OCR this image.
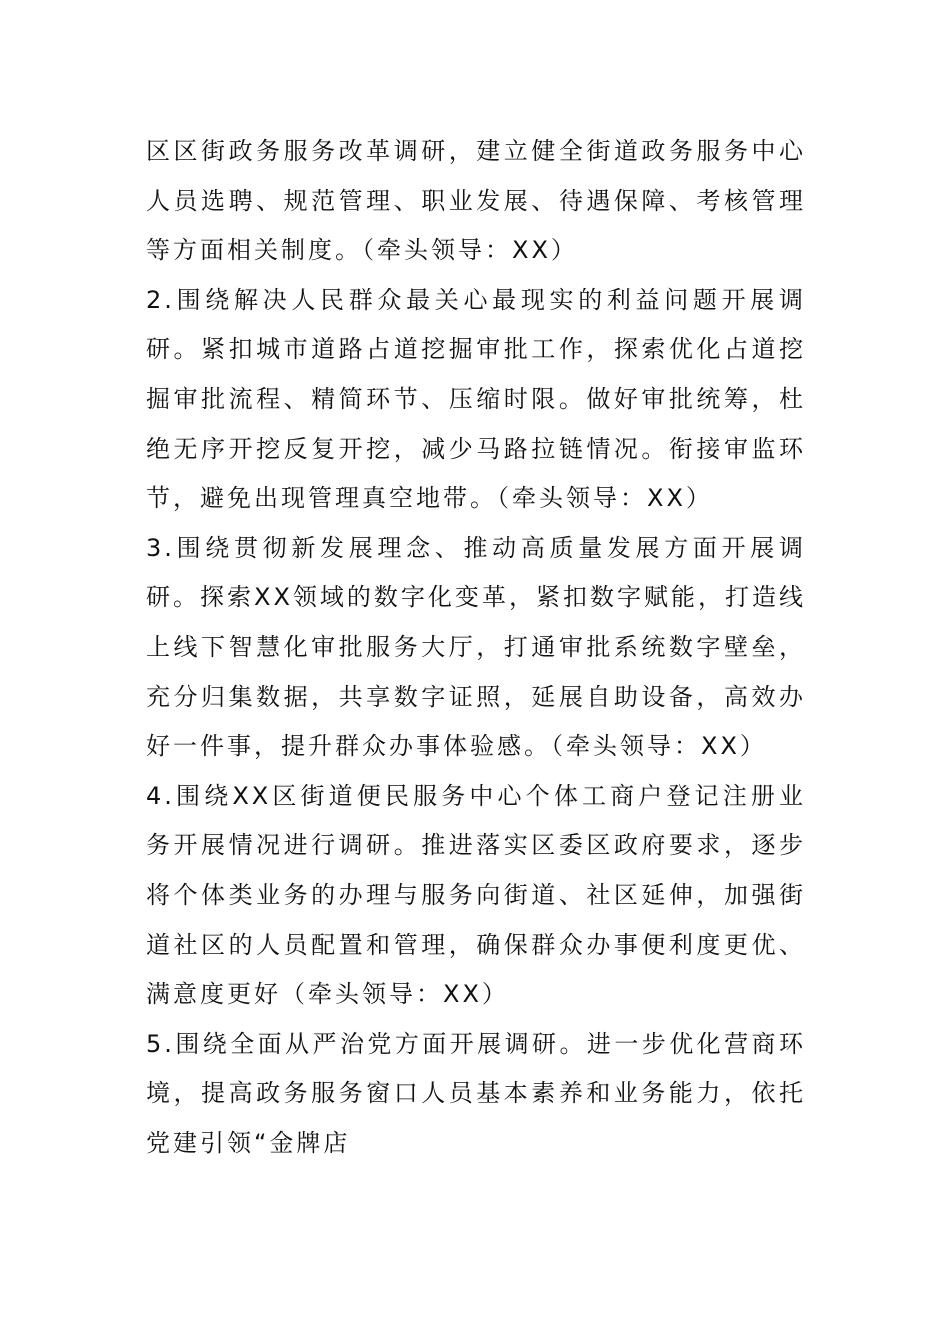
区区街政务服务改革调研，建立健全街道政务服务中心人员选聘、规范管理、职业发展、待遇保障、考核管理等方面相关制度。（牵头领导：XX）

2.围绕解决人民群众最关心最现实的利益问题开展调研。紧扣城市道路占道挖掘审批工作，探索优化占道挖掘审批流程、精简环节、压缩时限。做好审批统筹，杜绝无序开挖反复开挖，减少马路拉链情况。衔接审监环节，避免出现管理真空地带。（牵头领导：XX）

3.围绕贯彻新发展理念、推动高质量发展方面开展调研。探索XX领域的数字化变革，紧扣数字赋能，打造线上线下智慧化审批服务大厅，打通审批系统数字壁垒，充分归集数据，共享数字证照，延展自助设备，高效办好一件事，提升群众办事体验感。（牵头领导：XX）

4.围绕XX区街道便民服务中心个体工商户登记注册业务开展情况进行调研。推进落实区委区政府要求，逐步将个体类业务的办理与服务向街道、社区延伸，加强街道社区的人员配置和管理，确保群众办事便利度更优、满意度更好（牵头领导：XX）

5.围绕全面从严治党方面开展调研。进一步优化营商环境，提高政务服务窗口人员基本素养和业务能力，依托党建引领“金牌店
